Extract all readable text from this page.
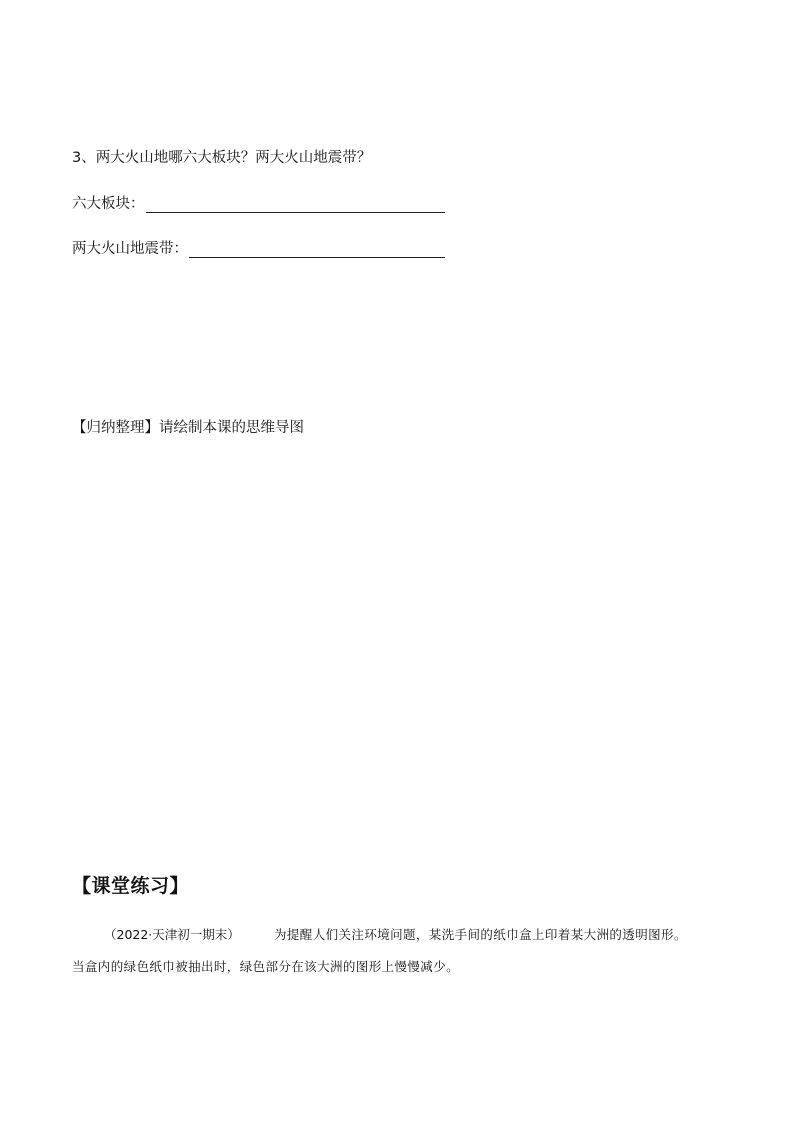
3、两大火山地哪六大板块？两大火山地震带？
六大板块：
两大火山地震带：
【归纳整理】请绘制本课的思维导图
【课堂练习】
（2022·天津初一期末）	为提醒人们关注环境问题，某洗手间的纸巾盒上印着某大洲的透明图形。
当盒内的绿色纸巾被抽出时，绿色部分在该大洲的图形上慢慢减少。
